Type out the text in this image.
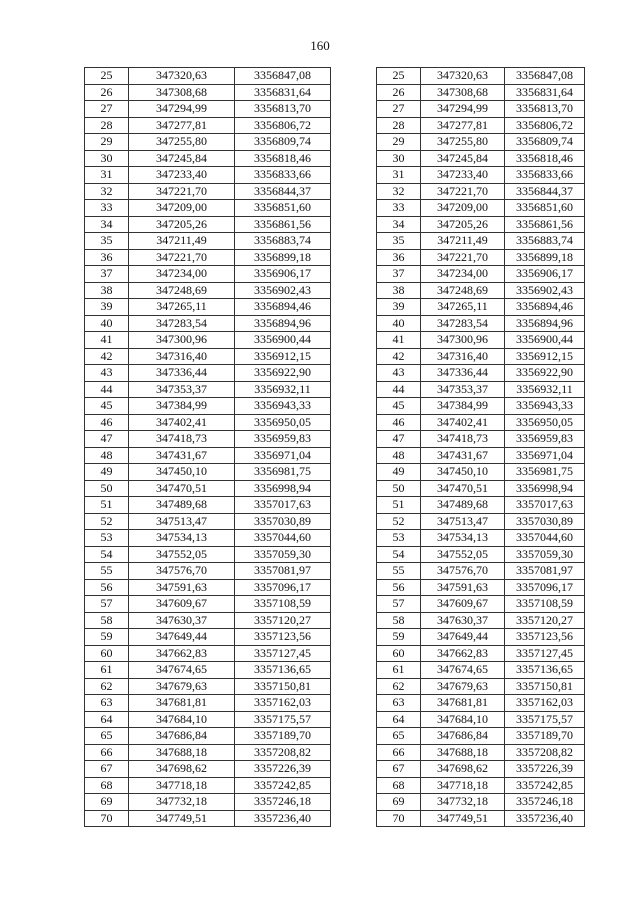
160
25	347320,63	3356847,08
26	347308,68	3356831,64
27	347294,99	3356813,70
28	347277,81	3356806,72
29	347255,80	3356809,74
30	347245,84	3356818,46
31	347233,40	3356833,66
32	347221,70	3356844,37
33	347209,00	3356851,60
34	347205,26	3356861,56
35	347211,49	3356883,74
36	347221,70	3356899,18
37	347234,00	3356906,17
38	347248,69	3356902,43
39	347265,11	3356894,46
40	347283,54	3356894,96
41	347300,96	3356900,44
42	347316,40	3356912,15
43	347336,44	3356922,90
44	347353,37	3356932,11
45	347384,99	3356943,33
46	347402,41	3356950,05
47	347418,73	3356959,83
48	347431,67	3356971,04
49	347450,10	3356981,75
50	347470,51	3356998,94
51	347489,68	3357017,63
52	347513,47	3357030,89
53	347534,13	3357044,60
54	347552,05	3357059,30
55	347576,70	3357081,97
56	347591,63	3357096,17
57	347609,67	3357108,59
58	347630,37	3357120,27
59	347649,44	3357123,56
60	347662,83	3357127,45
61	347674,65	3357136,65
62	347679,63	3357150,81
63	347681,81	3357162,03
64	347684,10	3357175,57
65	347686,84	3357189,70
66	347688,18	3357208,82
67	347698,62	3357226,39
68	347718,18	3357242,85
69	347732,18	3357246,18
70	347749,51	3357236,40
25	347320,63	3356847,08
26	347308,68	3356831,64
27	347294,99	3356813,70
28	347277,81	3356806,72
29	347255,80	3356809,74
30	347245,84	3356818,46
31	347233,40	3356833,66
32	347221,70	3356844,37
33	347209,00	3356851,60
34	347205,26	3356861,56
35	347211,49	3356883,74
36	347221,70	3356899,18
37	347234,00	3356906,17
38	347248,69	3356902,43
39	347265,11	3356894,46
40	347283,54	3356894,96
41	347300,96	3356900,44
42	347316,40	3356912,15
43	347336,44	3356922,90
44	347353,37	3356932,11
45	347384,99	3356943,33
46	347402,41	3356950,05
47	347418,73	3356959,83
48	347431,67	3356971,04
49	347450,10	3356981,75
50	347470,51	3356998,94
51	347489,68	3357017,63
52	347513,47	3357030,89
53	347534,13	3357044,60
54	347552,05	3357059,30
55	347576,70	3357081,97
56	347591,63	3357096,17
57	347609,67	3357108,59
58	347630,37	3357120,27
59	347649,44	3357123,56
60	347662,83	3357127,45
61	347674,65	3357136,65
62	347679,63	3357150,81
63	347681,81	3357162,03
64	347684,10	3357175,57
65	347686,84	3357189,70
66	347688,18	3357208,82
67	347698,62	3357226,39
68	347718,18	3357242,85
69	347732,18	3357246,18
70	347749,51	3357236,40
